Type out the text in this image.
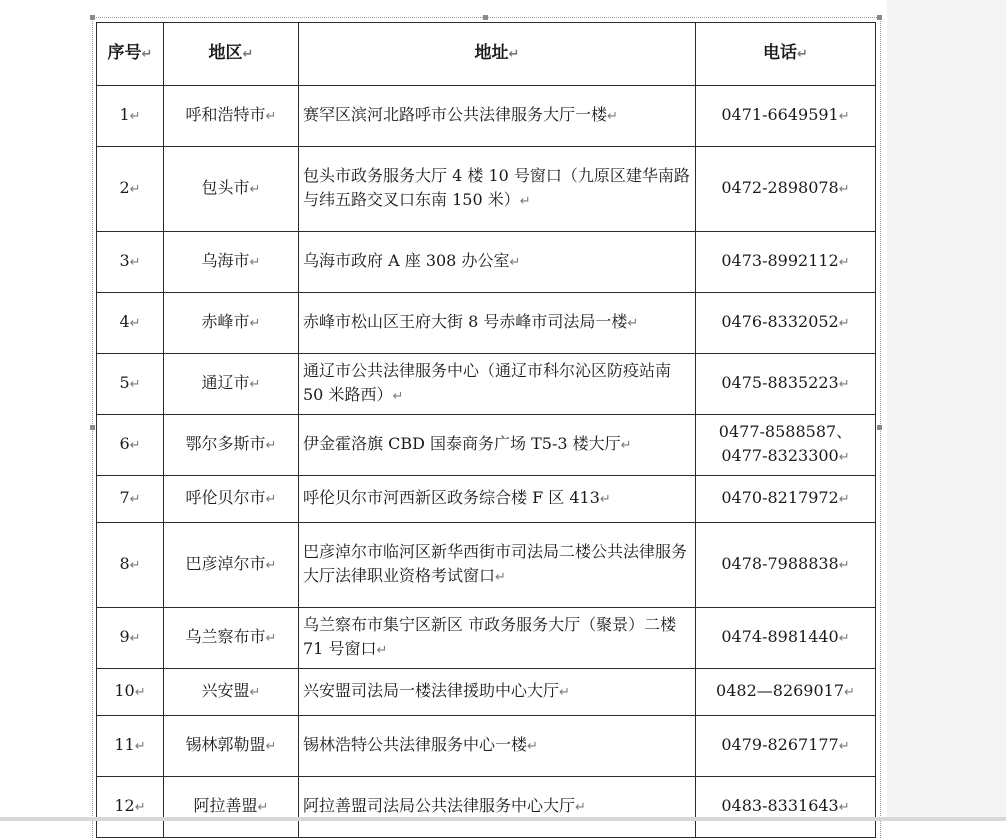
序号↵	地区↵	地址↵	电话↵
1↵	呼和浩特市↵	赛罕区滨河北路呼市公共法律服务大厅一楼↵	0471-6649591↵
2↵	包头市↵	包头市政务服务大厅 4 楼 10 号窗口（九原区建华南路与纬五路交叉口东南 150 米）↵	0472-2898078↵
3↵	乌海市↵	乌海市政府 A 座 308 办公室↵	0473-8992112↵
4↵	赤峰市↵	赤峰市松山区王府大街 8 号赤峰市司法局一楼↵	0476-8332052↵
5↵	通辽市↵	通辽市公共法律服务中心（通辽市科尔沁区防疫站南 50 米路西）↵	0475-8835223↵
6↵	鄂尔多斯市↵	伊金霍洛旗 CBD 国泰商务广场 T5-3 楼大厅↵	0477-8588587、0477-8323300↵
7↵	呼伦贝尔市↵	呼伦贝尔市河西新区政务综合楼 F 区 413↵	0470-8217972↵
8↵	巴彦淖尔市↵	巴彦淖尔市临河区新华西街市司法局二楼公共法律服务大厅法律职业资格考试窗口↵	0478-7988838↵
9↵	乌兰察布市↵	乌兰察布市集宁区新区 市政务服务大厅（聚景）二楼 71 号窗口↵	0474-8981440↵
10↵	兴安盟↵	兴安盟司法局一楼法律援助中心大厅↵	0482—8269017↵
11↵	锡林郭勒盟↵	锡林浩特公共法律服务中心一楼↵	0479-8267177↵
12↵	阿拉善盟↵	阿拉善盟司法局公共法律服务中心大厅↵	0483-8331643↵
